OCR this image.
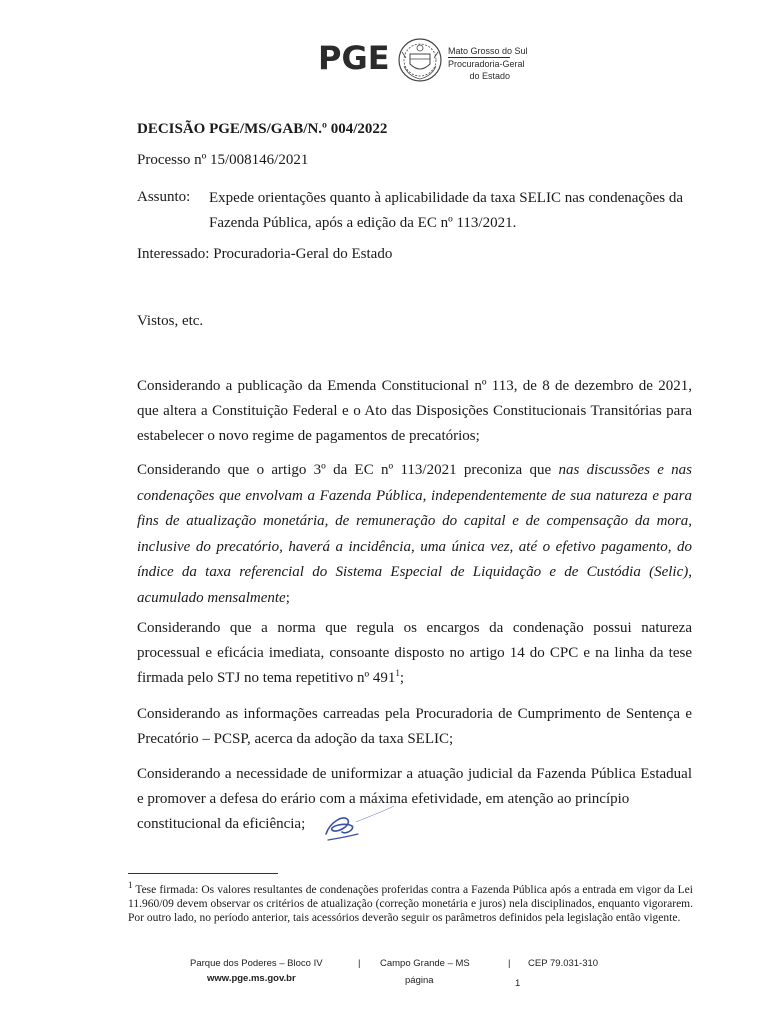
PGE	Mato Grosso do Sul
Procuradoria-Geral
do Estado
DECISÃO PGE/MS/GAB/N.º 004/2022
Processo nº 15/008146/2021
Assunto: Expede orientações quanto à aplicabilidade da taxa SELIC nas condenações da
Fazenda Pública, após a edição da EC nº 113/2021.
Interessado: Procuradoria-Geral do Estado
Vistos, etc.
Considerando a publicação da Emenda Constitucional nº 113, de 8 de dezembro de 2021, que altera a Constituição Federal e o Ato das Disposições Constitucionais Transitórias para estabelecer o novo regime de pagamentos de precatórios;
Considerando que o artigo 3º da EC nº 113/2021 preconiza que nas discussões e nas condenações que envolvam a Fazenda Pública, independentemente de sua natureza e para fins de atualização monetária, de remuneração do capital e de compensação da mora, inclusive do precatório, haverá a incidência, uma única vez, até o efetivo pagamento, do índice da taxa referencial do Sistema Especial de Liquidação e de Custódia (Selic), acumulado mensalmente;
Considerando que a norma que regula os encargos da condenação possui natureza processual e eficácia imediata, consoante disposto no artigo 14 do CPC e na linha da tese firmada pelo STJ no tema repetitivo nº $491^1$;
Considerando as informações carreadas pela Procuradoria de Cumprimento de Sentença e Precatório – PCSP, acerca da adoção da taxa SELIC;
Considerando a necessidade de uniformizar a atuação judicial da Fazenda Pública Estadual e promover a defesa do erário com a máxima efetividade, em atenção ao princípio
constitucional da eficiência;
$^1$ Tese firmada: Os valores resultantes de condenações proferidas contra a Fazenda Pública após a entrada em vigor da Lei 11.960/09 devem observar os critérios de atualização (correção monetária e juros) nela disciplinados, enquanto vigorarem. Por outro lado, no período anterior, tais acessórios deverão seguir os parâmetros definidos pela legislação então vigente.
Parque dos Poderes – Bloco IV	| Campo Grande – MS	| CEP 79.031-310
www.pge.ms.gov.br	página	1
